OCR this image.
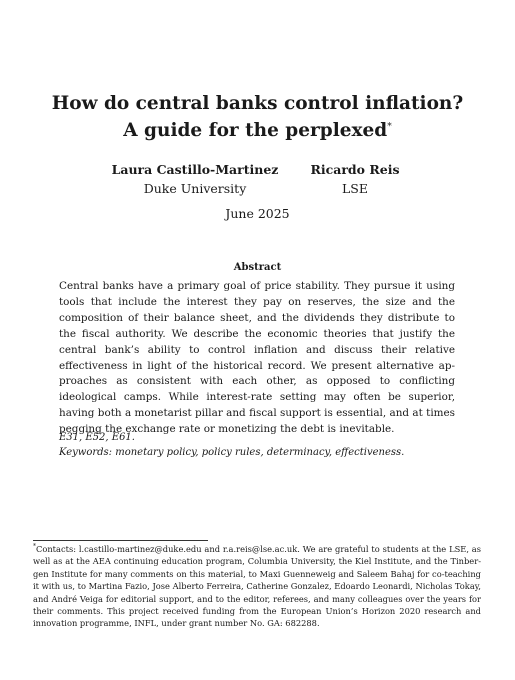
How do central banks control inflation?
A guide for the perplexed*
Laura Castillo-Martinez
Duke University
Ricardo Reis
LSE
June 2025
Abstract
Central banks have a primary goal of price stability. They pursue it using tools that include the interest they pay on reserves, the size and the composition of their balance sheet, and the dividends they distribute to the fiscal authority. We describe the economic theories that justify the central bank’s ability to control inflation and discuss their relative effectiveness in light of the historical record. We present alternative approaches as consistent with each other, as opposed to conflicting ideological camps. While interest-rate setting may often be superior, having both a monetarist pillar and fiscal support is essential, and at times pegging the exchange rate or monetizing the debt is inevitable.
E31, E52, E61.
Keywords: monetary policy, policy rules, determinacy, effectiveness.
*Contacts: l.castillo-martinez@duke.edu and r.a.reis@lse.ac.uk. We are grateful to students at the LSE, as well as at the AEA continuing education program, Columbia University, the Kiel Institute, and the Tinbergen Institute for many comments on this material, to Maxi Guenneweig and Saleem Bahaj for co-teaching it with us, to Martina Fazio, Jose Alberto Ferreira, Catherine Gonzalez, Edoardo Leonardi, Nicholas Tokay, and André Veiga for editorial support, and to the editor, referees, and many colleagues over the years for their comments. This project received funding from the European Union’s Horizon 2020 research and innovation programme, INFL, under grant number No. GA: 682288.
